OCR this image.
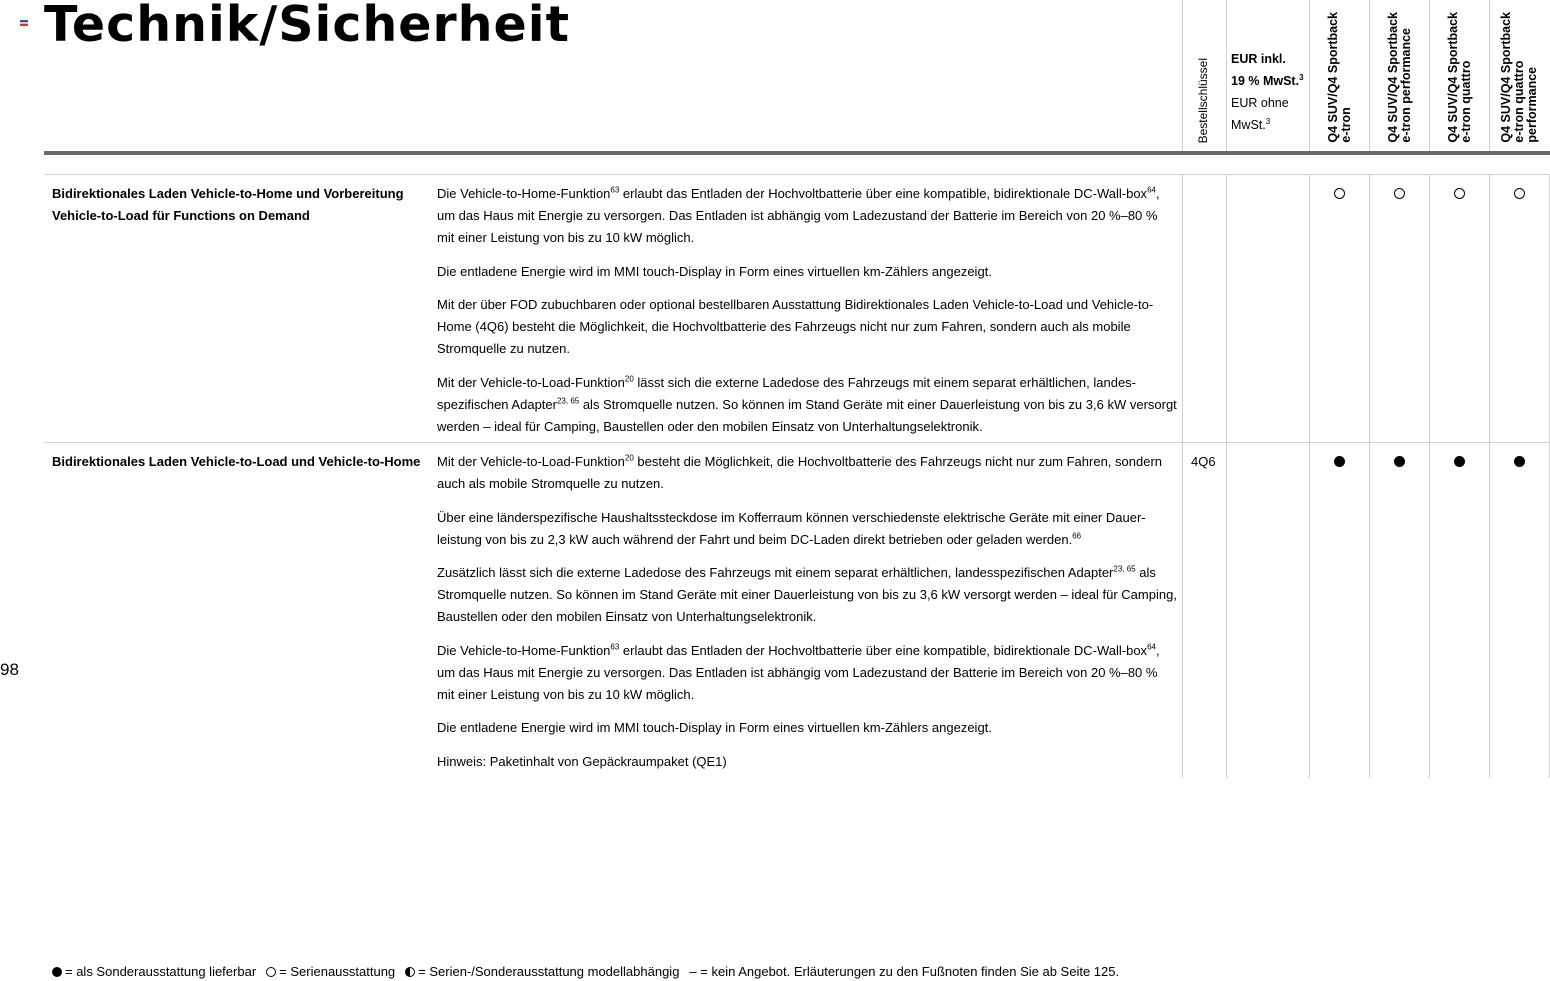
Technik/Sicherheit
98
Bestellschlüssel EUR inkl.
19 % MwSt.$^3$
EUR ohne
MwSt.$^3$
Q4 SUV/Q4 Sportback
e-tron	Q4 SUV/Q4 Sportback
e-tron performance
Q4 SUV/Q4 Sportback
e-tron quattro
Q4 SUV/Q4 Sportback
e-tron quattro
performance
Bidirektionales Laden Vehicle-to-Home und Vorbereitung Vehicle-to-Load für Functions on Demand

Die Vehicle-to-Home-Funktion$^{63}$ erlaubt das Entladen der Hochvoltbatterie über eine kompatible, bidirektionale DC-Wall-box$^{64}$, um das Haus mit Energie zu versorgen. Das Entladen ist abhängig vom Ladezustand der Batterie im Bereich von 20 %–80 % mit einer Leistung von bis zu 10 kW möglich.

Die entladene Energie wird im MMI touch-Display in Form eines virtuellen km-Zählers angezeigt.

Mit der über FOD zubuchbaren oder optional bestellbaren Ausstattung Bidirektionales Laden Vehicle-to-Load und Vehicle-to-Home (4Q6) besteht die Möglichkeit, die Hochvoltbatterie des Fahrzeugs nicht nur zum Fahren, sondern auch als mobile Stromquelle zu nutzen.

Mit der Vehicle-to-Load-Funktion$^{20}$ lässt sich die externe Ladedose des Fahrzeugs mit einem separat erhältlichen, landes-spezifischen Adapter$^{23, 65}$ als Stromquelle nutzen. So können im Stand Geräte mit einer Dauerleistung von bis zu 3,6 kW versorgt werden – ideal für Camping, Baustellen oder den mobilen Einsatz von Unterhaltungselektronik.

Bidirektionales Laden Vehicle-to-Load und Vehicle-to-Home Mit der Vehicle-to-Load-Funktion$^{20}$ besteht die Möglichkeit, die Hochvoltbatterie des Fahrzeugs nicht nur zum Fahren, sondern auch als mobile Stromquelle zu nutzen.

Über eine länderspezifische Haushaltssteckdose im Kofferraum können verschiedenste elektrische Geräte mit einer Dauer-leistung von bis zu 2,3 kW auch während der Fahrt und beim DC-Laden direkt betrieben oder geladen werden.$^{66}$

Zusätzlich lässt sich die externe Ladedose des Fahrzeugs mit einem separat erhältlichen, landesspezifischen Adapter$^{23, 65}$ als Stromquelle nutzen. So können im Stand Geräte mit einer Dauerleistung von bis zu 3,6 kW versorgt werden – ideal für Camping, Baustellen oder den mobilen Einsatz von Unterhaltungselektronik.

Die Vehicle-to-Home-Funktion$^{63}$ erlaubt das Entladen der Hochvoltbatterie über eine kompatible, bidirektionale DC-Wall-box$^{64}$, um das Haus mit Energie zu versorgen. Das Entladen ist abhängig vom Ladezustand der Batterie im Bereich von 20 %–80 % mit einer Leistung von bis zu 10 kW möglich.

Die entladene Energie wird im MMI touch-Display in Form eines virtuellen km-Zählers angezeigt.

Hinweis: Paketinhalt von Gepäckraumpaket (QE1)

4Q6
= als Sonderausstattung lieferbar = Serienausstattung = Serien-/Sonderausstattung modellabhängig – = kein Angebot. Erläuterungen zu den Fußnoten finden Sie ab Seite 125.
